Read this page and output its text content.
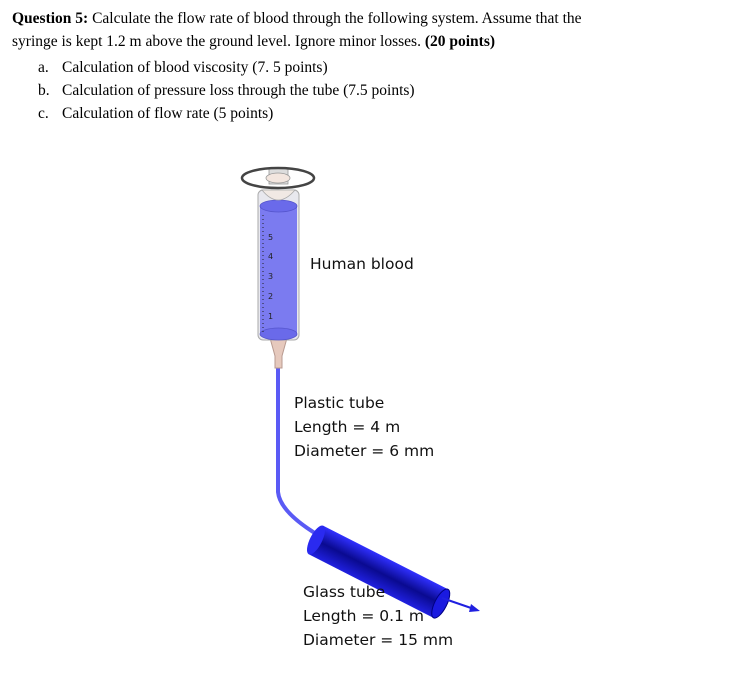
Question 5: Calculate the flow rate of blood through the following system. Assume that the
syringe is kept 1.2 m above the ground level. Ignore minor losses. (20 points)
a. Calculation of blood viscosity (7. 5 points)
b. Calculation of pressure loss through the tube (7.5 points)
c. Calculation of flow rate (5 points)
5
4
3
2
1
Human blood
Plastic tube
Length = 4 m
Diameter = 6 mm
Glass tube
Length = 0.1 m
Diameter = 15 mm
